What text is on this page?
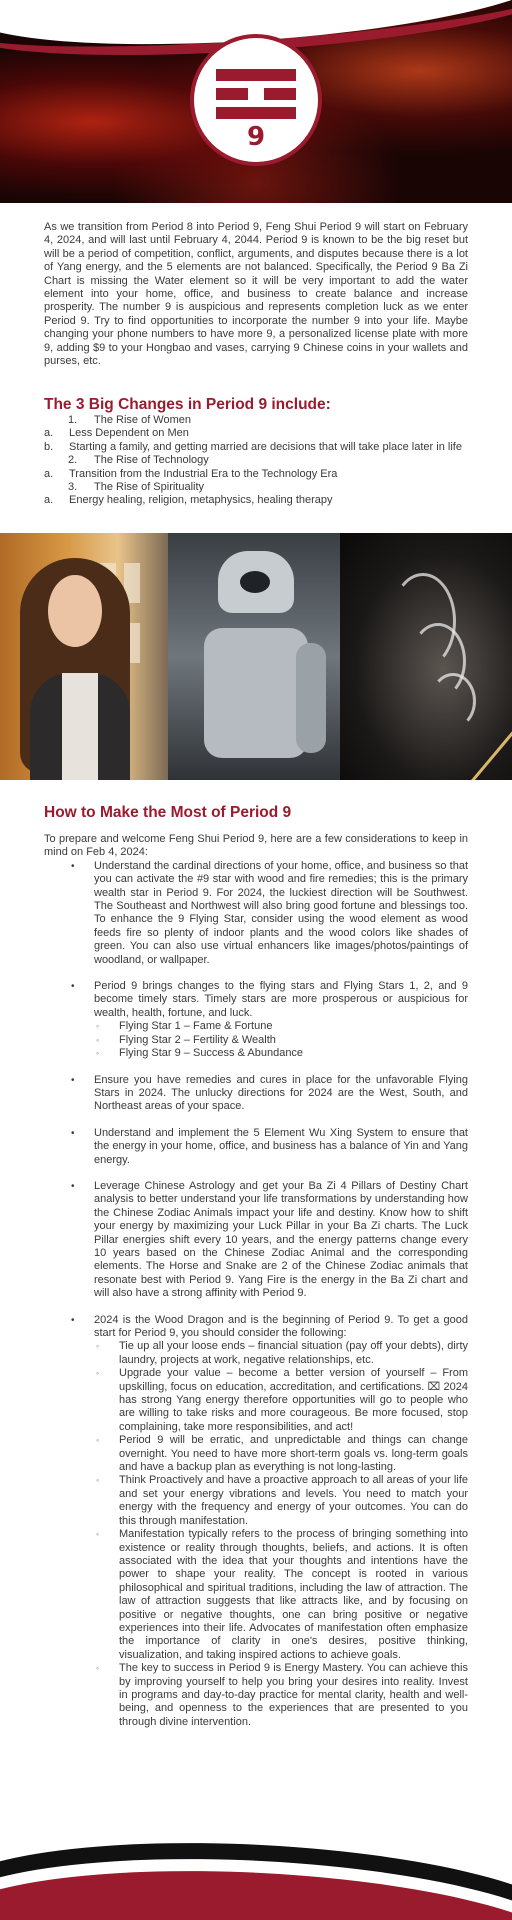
9

As we transition from Period 8 into Period 9, Feng Shui Period 9 will start on February 4, 2024, and will last until February 4, 2044. Period 9 is known to be the big reset but will be a period of competition, conflict, arguments, and disputes because there is a lot of Yang energy, and the 5 elements are not balanced. Specifically, the Period 9 Ba Zi Chart is missing the Water element so it will be very important to add the water element into your home, office, and business to create balance and increase prosperity. The number 9 is auspicious and represents completion luck as we enter Period 9. Try to find opportunities to incorporate the number 9 into your life. Maybe changing your phone numbers to have more 9, a personalized license plate with more 9, adding $9 to your Hongbao and vases, carrying 9 Chinese coins in your wallets and purses, etc.

The 3 Big Changes in Period 9 include:
1. The Rise of Women
a. Less Dependent on Men
b. Starting a family, and getting married are decisions that will take place later in life
2. The Rise of Technology
a. Transition from the Industrial Era to the Technology Era
3. The Rise of Spirituality
a. Energy healing, religion, metaphysics, healing therapy
How to Make the Most of Period 9

To prepare and welcome Feng Shui Period 9, here are a few considerations to keep in mind on Feb 4, 2024:

• Understand the cardinal directions of your home, office, and business so that you can activate the #9 star with wood and fire remedies; this is the primary wealth star in Period 9. For 2024, the luckiest direction will be Southwest. The Southeast and Northwest will also bring good fortune and blessings too. To enhance the 9 Flying Star, consider using the wood element as wood feeds fire so plenty of indoor plants and the wood colors like shades of green. You can also use virtual enhancers like images/photos/paintings of woodland, or wallpaper.
• Period 9 brings changes to the flying stars and Flying Stars 1, 2, and 9 become timely stars. Timely stars are more prosperous or auspicious for wealth, health, fortune, and luck.
◦ Flying Star 1 – Fame & Fortune
◦ Flying Star 2 – Fertility & Wealth
◦ Flying Star 9 – Success & Abundance
• Ensure you have remedies and cures in place for the unfavorable Flying Stars in 2024. The unlucky directions for 2024 are the West, South, and Northeast areas of your space.
• Understand and implement the 5 Element Wu Xing System to ensure that the energy in your home, office, and business has a balance of Yin and Yang energy.
• Leverage Chinese Astrology and get your Ba Zi 4 Pillars of Destiny Chart analysis to better understand your life transformations by understanding how the Chinese Zodiac Animals impact your life and destiny. Know how to shift your energy by maximizing your Luck Pillar in your Ba Zi charts. The Luck Pillar energies shift every 10 years, and the energy patterns change every 10 years based on the Chinese Zodiac Animal and the corresponding elements. The Horse and Snake are 2 of the Chinese Zodiac animals that resonate best with Period 9. Yang Fire is the energy in the Ba Zi chart and will also have a strong affinity with Period 9.
• 2024 is the Wood Dragon and is the beginning of Period 9. To get a good start for Period 9, you should consider the following:
◦ Tie up all your loose ends – financial situation (pay off your debts), dirty laundry, projects at work, negative relationships, etc.
◦ Upgrade your value – become a better version of yourself – From upskilling, focus on education, accreditation, and certifications. ⌧ 2024 has strong Yang energy therefore opportunities will go to people who are willing to take risks and more courageous. Be more focused, stop complaining, take more responsibilities, and act!
◦ Period 9 will be erratic, and unpredictable and things can change overnight. You need to have more short-term goals vs. long-term goals and have a backup plan as everything is not long-lasting.
◦ Think Proactively and have a proactive approach to all areas of your life and set your energy vibrations and levels. You need to match your energy with the frequency and energy of your outcomes. You can do this through manifestation.
◦ Manifestation typically refers to the process of bringing something into existence or reality through thoughts, beliefs, and actions. It is often associated with the idea that your thoughts and intentions have the power to shape your reality. The concept is rooted in various philosophical and spiritual traditions, including the law of attraction. The law of attraction suggests that like attracts like, and by focusing on positive or negative thoughts, one can bring positive or negative experiences into their life. Advocates of manifestation often emphasize the importance of clarity in one's desires, positive thinking, visualization, and taking inspired actions to achieve goals.
◦ The key to success in Period 9 is Energy Mastery. You can achieve this by improving yourself to help you bring your desires into reality. Invest in programs and day-to-day practice for mental clarity, health and well-being, and openness to the experiences that are presented to you through divine intervention.
